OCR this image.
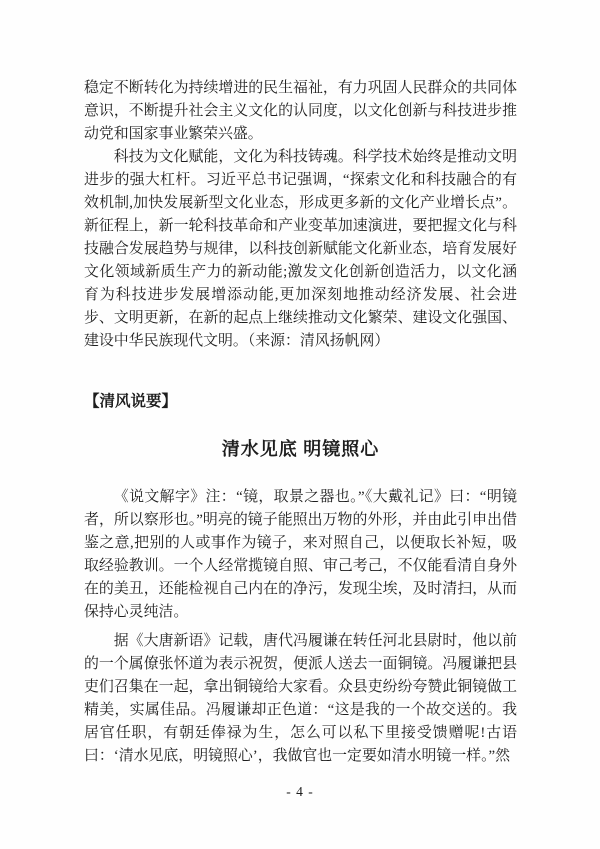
稳定不断转化为持续增进的民生福祉，有力巩固人民群众的共同体意识，不断提升社会主义文化的认同度，以文化创新与科技进步推动党和国家事业繁荣兴盛。

科技为文化赋能，文化为科技铸魂。科学技术始终是推动文明进步的强大杠杆。习近平总书记强调，“探索文化和科技融合的有效机制,加快发展新型文化业态，形成更多新的文化产业增长点”。新征程上，新一轮科技革命和产业变革加速演进，要把握文化与科技融合发展趋势与规律，以科技创新赋能文化新业态，培育发展好文化领域新质生产力的新动能;激发文化创新创造活力，以文化涵育为科技进步发展增添动能,更加深刻地推动经济发展、社会进步、文明更新，在新的起点上继续推动文化繁荣、建设文化强国、建设中华民族现代文明。（来源：清风扬帆网）

【清风说要】
清水见底 明镜照心

《说文解字》注：“镜，取景之器也。”《大戴礼记》曰：“明镜者，所以察形也。”明亮的镜子能照出万物的外形，并由此引申出借鉴之意,把别的人或事作为镜子，来对照自己，以便取长补短，吸取经验教训。一个人经常揽镜自照、审己考己，不仅能看清自身外在的美丑，还能检视自己内在的净污，发现尘埃，及时清扫，从而保持心灵纯洁。

据《大唐新语》记载，唐代冯履谦在转任河北县尉时，他以前的一个属僚张怀道为表示祝贺，便派人送去一面铜镜。冯履谦把县吏们召集在一起，拿出铜镜给大家看。众县吏纷纷夸赞此铜镜做工精美，实属佳品。冯履谦却正色道：“这是我的一个故交送的。我居官任职，有朝廷俸禄为生，怎么可以私下里接受馈赠呢!古语曰：‘清水见底，明镜照心’，我做官也一定要如清水明镜一样。”然

- 4 -
